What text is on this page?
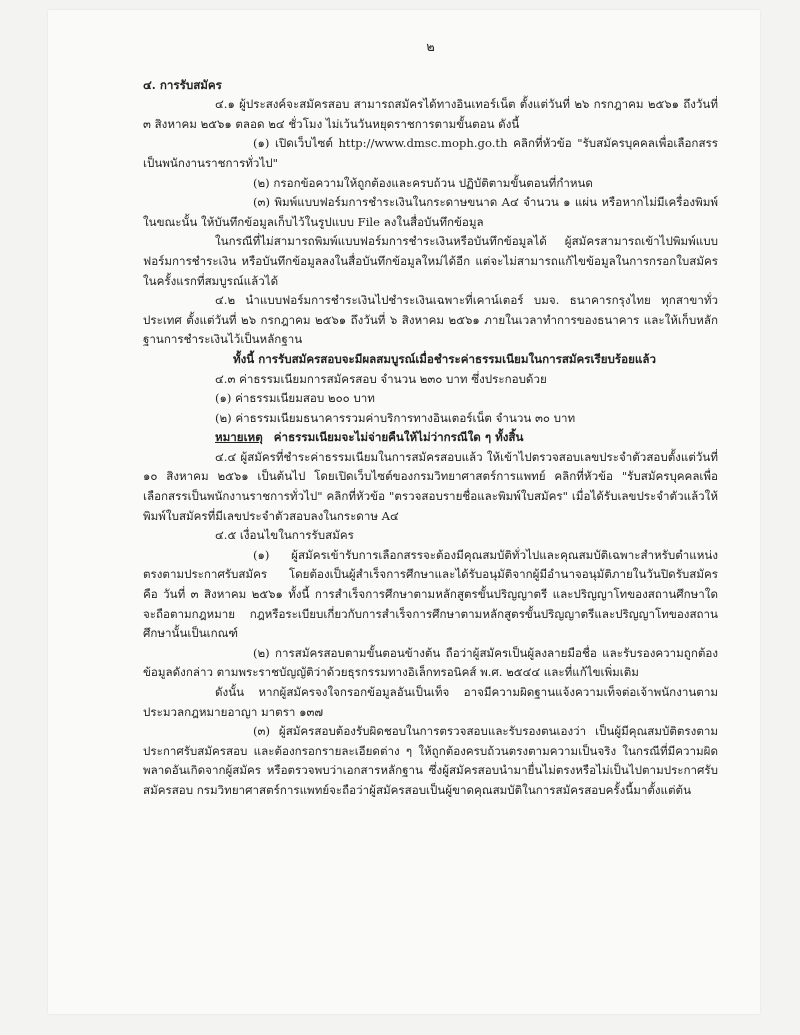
๒

๔. การรับสมัคร

๔.๑ ผู้ประสงค์จะสมัครสอบ สามารถสมัครได้ทางอินเทอร์เน็ต ตั้งแต่วันที่ ๒๖ กรกฎาคม ๒๕๖๑ ถึงวันที่ ๓ สิงหาคม ๒๕๖๑ ตลอด ๒๔ ชั่วโมง ไม่เว้นวันหยุดราชการตามขั้นตอน ดังนี้

(๑) เปิดเว็บไซต์ http://www.dmsc.moph.go.th คลิกที่หัวข้อ "รับสมัครบุคคลเพื่อเลือกสรรเป็นพนักงานราชการทั่วไป"

(๒) กรอกข้อความให้ถูกต้องและครบถ้วน ปฏิบัติตามขั้นตอนที่กำหนด

(๓) พิมพ์แบบฟอร์มการชำระเงินในกระดาษขนาด A๔ จำนวน ๑ แผ่น หรือหากไม่มีเครื่องพิมพ์ในขณะนั้น ให้บันทึกข้อมูลเก็บไว้ในรูปแบบ File ลงในสื่อบันทึกข้อมูล

ในกรณีที่ไม่สามารถพิมพ์แบบฟอร์มการชำระเงินหรือบันทึกข้อมูลได้ ผู้สมัครสามารถเข้าไปพิมพ์แบบฟอร์มการชำระเงิน หรือบันทึกข้อมูลลงในสื่อบันทึกข้อมูลใหม่ได้อีก แต่จะไม่สามารถแก้ไขข้อมูลในการกรอกใบสมัครในครั้งแรกที่สมบูรณ์แล้วได้

๔.๒ นำแบบฟอร์มการชำระเงินไปชำระเงินเฉพาะที่เคาน์เตอร์ บมจ. ธนาคารกรุงไทย ทุกสาขาทั่วประเทศ ตั้งแต่วันที่ ๒๖ กรกฎาคม ๒๕๖๑ ถึงวันที่ ๖ สิงหาคม ๒๕๖๑ ภายในเวลาทำการของธนาคาร และให้เก็บหลักฐานการชำระเงินไว้เป็นหลักฐาน

ทั้งนี้ การรับสมัครสอบจะมีผลสมบูรณ์เมื่อชำระค่าธรรมเนียมในการสมัครเรียบร้อยแล้ว

๔.๓ ค่าธรรมเนียมการสมัครสอบ จำนวน ๒๓๐ บาท ซึ่งประกอบด้วย

(๑) ค่าธรรมเนียมสอบ ๒๐๐ บาท

(๒) ค่าธรรมเนียมธนาคารรวมค่าบริการทางอินเตอร์เน็ต จำนวน ๓๐ บาท

หมายเหตุ ค่าธรรมเนียมจะไม่จ่ายคืนให้ไม่ว่ากรณีใด ๆ ทั้งสิ้น

๔.๔ ผู้สมัครที่ชำระค่าธรรมเนียมในการสมัครสอบแล้ว ให้เข้าไปตรวจสอบเลขประจำตัวสอบตั้งแต่วันที่ ๑๐ สิงหาคม ๒๕๖๑ เป็นต้นไป โดยเปิดเว็บไซต์ของกรมวิทยาศาสตร์การแพทย์ คลิกที่หัวข้อ "รับสมัครบุคคลเพื่อเลือกสรรเป็นพนักงานราชการทั่วไป" คลิกที่หัวข้อ "ตรวจสอบรายชื่อและพิมพ์ใบสมัคร" เมื่อได้รับเลขประจำตัวแล้วให้พิมพ์ใบสมัครที่มีเลขประจำตัวสอบลงในกระดาษ A๔

๔.๕ เงื่อนไขในการรับสมัคร

(๑) ผู้สมัครเข้ารับการเลือกสรรจะต้องมีคุณสมบัติทั่วไปและคุณสมบัติเฉพาะสำหรับตำแหน่งตรงตามประกาศรับสมัคร โดยต้องเป็นผู้สำเร็จการศึกษาและได้รับอนุมัติจากผู้มีอำนาจอนุมัติภายในวันปิดรับสมัคร คือ วันที่ ๓ สิงหาคม ๒๕๖๑ ทั้งนี้ การสำเร็จการศึกษาตามหลักสูตรขั้นปริญญาตรี และปริญญาโทของสถานศึกษาใด จะถือตามกฎหมาย กฎหรือระเบียบเกี่ยวกับการสำเร็จการศึกษาตามหลักสูตรขั้นปริญญาตรีและปริญญาโทของสถานศึกษานั้นเป็นเกณฑ์

(๒) การสมัครสอบตามขั้นตอนข้างต้น ถือว่าผู้สมัครเป็นผู้ลงลายมือชื่อ และรับรองความถูกต้องข้อมูลดังกล่าว ตามพระราชบัญญัติว่าด้วยธุรกรรมทางอิเล็กทรอนิคส์ พ.ศ. ๒๕๔๔ และที่แก้ไขเพิ่มเติม

ดังนั้น หากผู้สมัครจงใจกรอกข้อมูลอันเป็นเท็จ อาจมีความผิดฐานแจ้งความเท็จต่อเจ้าพนักงานตามประมวลกฎหมายอาญา มาตรา ๑๓๗

(๓) ผู้สมัครสอบต้องรับผิดชอบในการตรวจสอบและรับรองตนเองว่า เป็นผู้มีคุณสมบัติตรงตามประกาศรับสมัครสอบ และต้องกรอกรายละเอียดต่าง ๆ ให้ถูกต้องครบถ้วนตรงตามความเป็นจริง ในกรณีที่มีความผิดพลาดอันเกิดจากผู้สมัคร หรือตรวจพบว่าเอกสารหลักฐาน ซึ่งผู้สมัครสอบนำมายื่นไม่ตรงหรือไม่เป็นไปตามประกาศรับสมัครสอบ กรมวิทยาศาสตร์การแพทย์จะถือว่าผู้สมัครสอบเป็นผู้ขาดคุณสมบัติในการสมัครสอบครั้งนี้มาตั้งแต่ต้น
